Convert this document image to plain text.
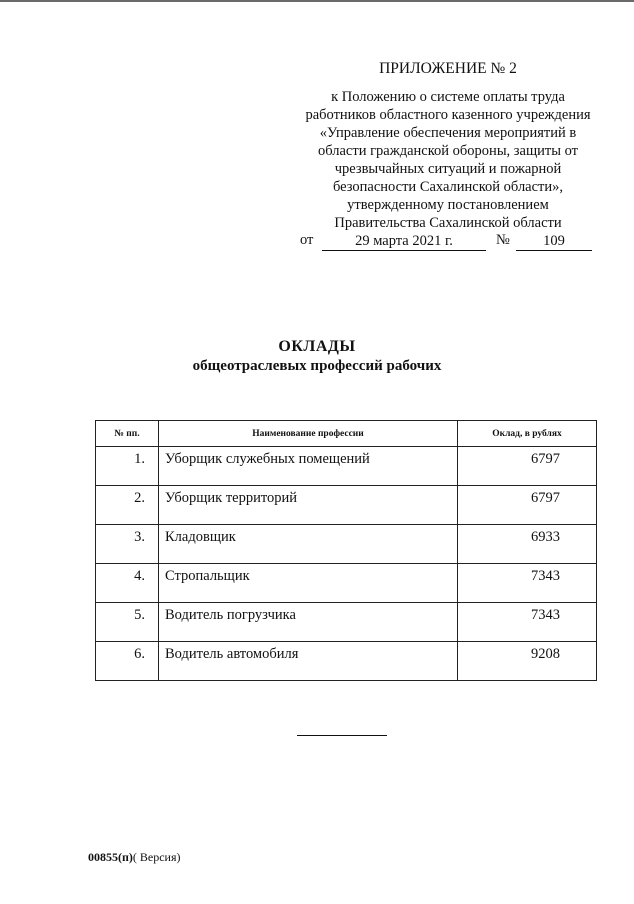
ПРИЛОЖЕНИЕ № 2
к Положению о системе оплаты труда
работников областного казенного учреждения
«Управление обеспечения мероприятий в
области гражданской обороны, защиты от
чрезвычайных ситуаций и пожарной
безопасности Сахалинской области»,
утвержденному постановлением
Правительства Сахалинской области
от	29 марта 2021 г.	№	109
ОКЛАДЫ
общеотраслевых профессий рабочих
№ пп.	Наименование профессии	Оклад, в рублях
1.	Уборщик служебных помещений	6797
2.	Уборщик территорий	6797
3.	Кладовщик	6933
4.	Стропальщик	7343
5.	Водитель погрузчика	7343
6.	Водитель автомобиля	9208
00855(п)( Версия)
